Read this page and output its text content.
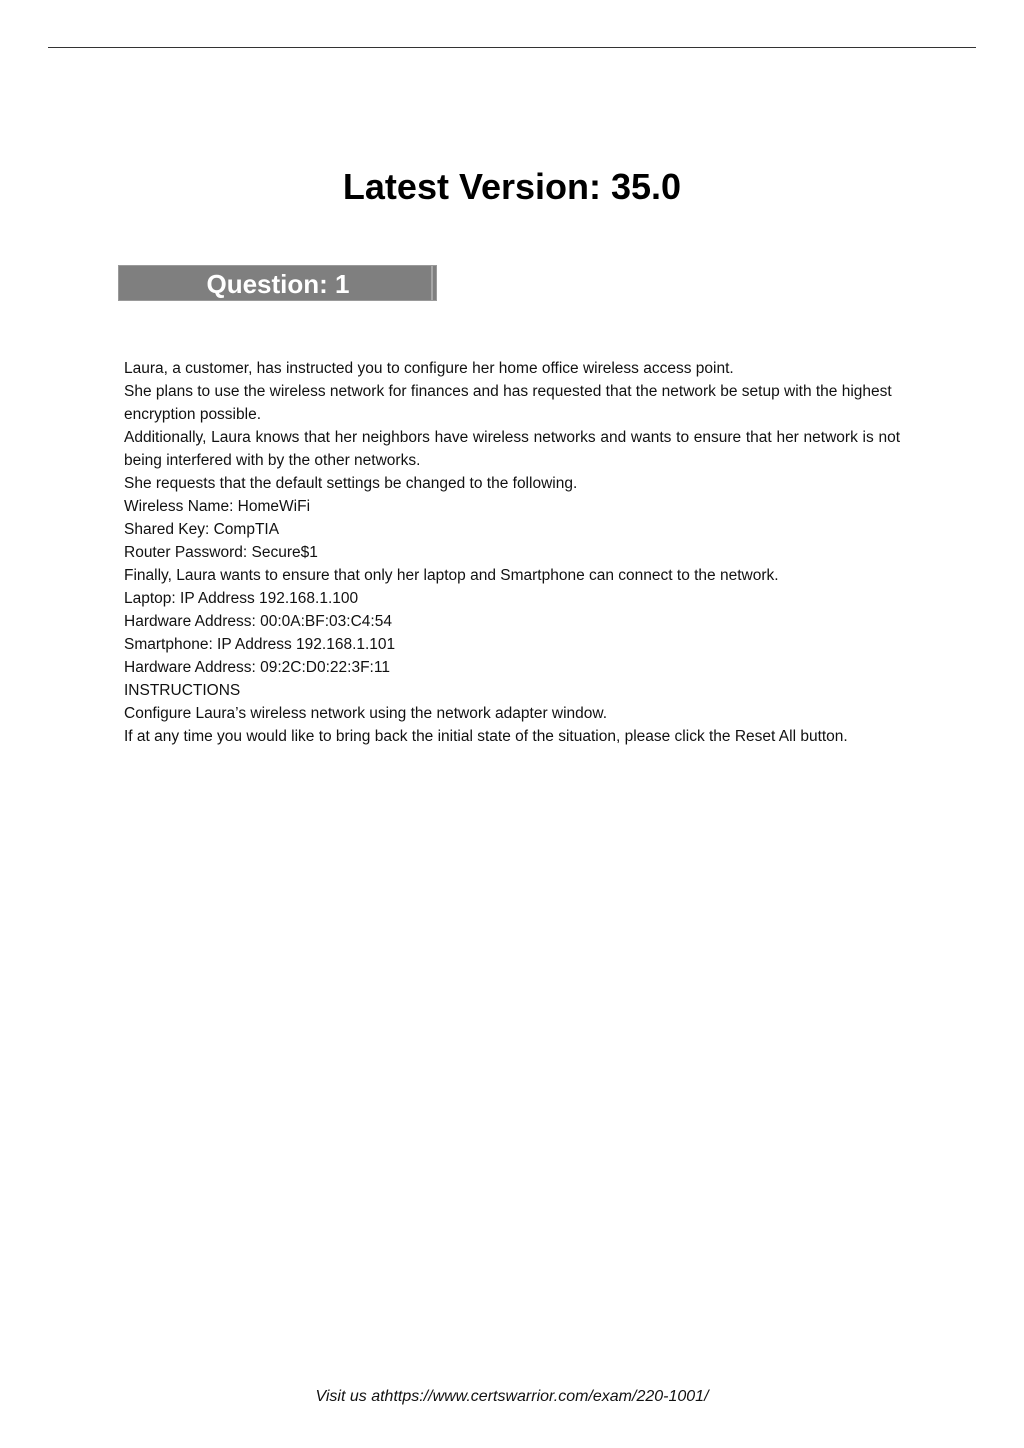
Latest Version: 35.0
Question: 1

Laura, a customer, has instructed you to configure her home office wireless access point.

She plans to use the wireless network for finances and has requested that the network be setup with the highest encryption possible.

Additionally, Laura knows that her neighbors have wireless networks and wants to ensure that her network is not being interfered with by the other networks.

She requests that the default settings be changed to the following.

Wireless Name: HomeWiFi

Shared Key: CompTIA

Router Password: Secure$1

Finally, Laura wants to ensure that only her laptop and Smartphone can connect to the network.

Laptop: IP Address 192.168.1.100

Hardware Address: 00:0A:BF:03:C4:54

Smartphone: IP Address 192.168.1.101

Hardware Address: 09:2C:D0:22:3F:11

INSTRUCTIONS

Configure Laura’s wireless network using the network adapter window.

If at any time you would like to bring back the initial state of the situation, please click the Reset All button.

Visit us athttps://www.certswarrior.com/exam/220-1001/
